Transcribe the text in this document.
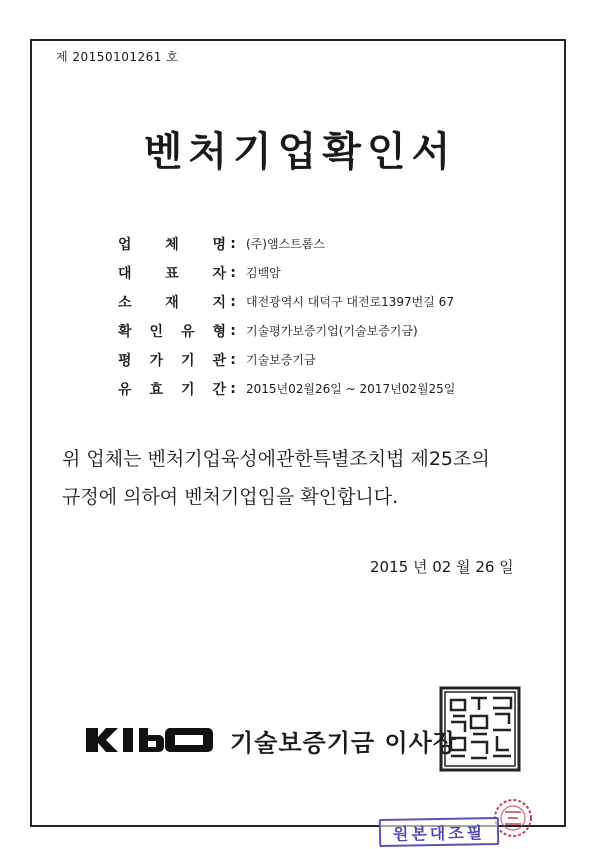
제 20150101261 호
벤처기업확인서
업 체 명 : (주)앰스트롬스
대 표 자 : 김백암
소 재 지 : 대전광역시 대덕구 대전로1397번길 67
확 인 유 형 : 기술평가보증기업(기술보증기금)
평 가 기 관 : 기술보증기금
유 효 기 간 : 2015년02월26일 ~ 2017년02월25일
위 업체는 벤처기업육성에관한특별조치법 제25조의
규정에 의하여 벤처기업임을 확인합니다.
2015 년 02 월 26 일
기술보증기금 이사장
원본대조필
